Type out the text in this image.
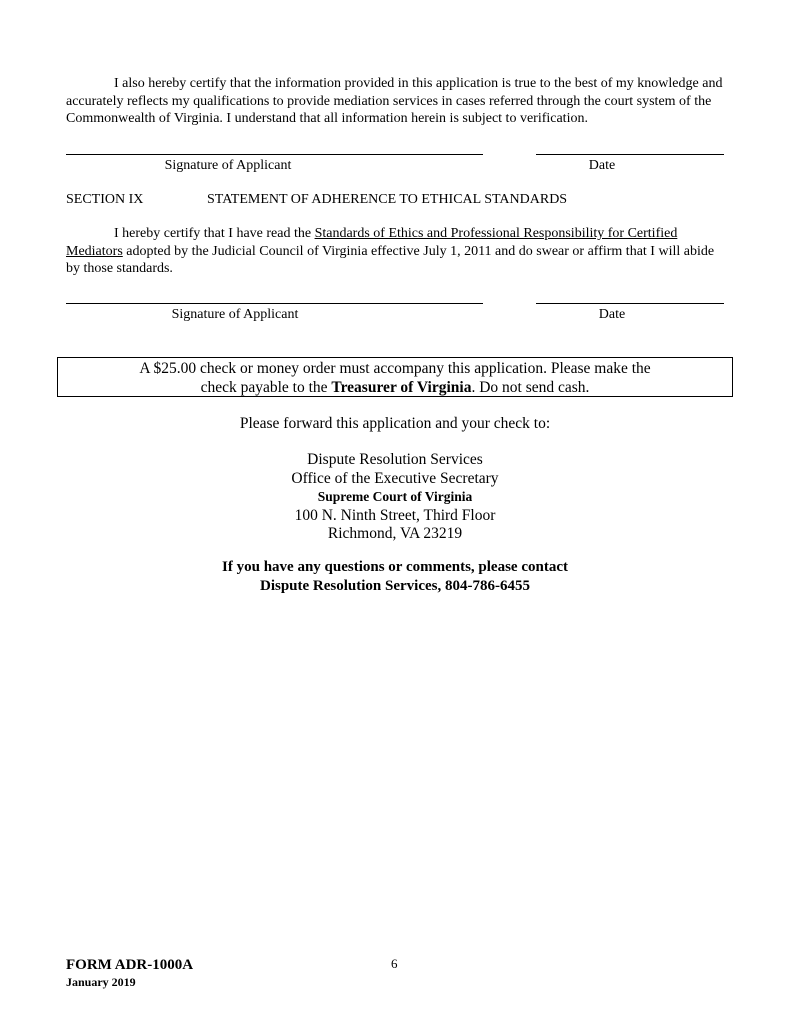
I also hereby certify that the information provided in this application is true to the best of my knowledge and accurately reflects my qualifications to provide mediation services in cases referred through the court system of the Commonwealth of Virginia. I understand that all information herein is subject to verification.
Signature of Applicant	Date
SECTION IX	STATEMENT OF ADHERENCE TO ETHICAL STANDARDS
I hereby certify that I have read the Standards of Ethics and Professional Responsibility for Certified Mediators adopted by the Judicial Council of Virginia effective July 1, 2011 and do swear or affirm that I will abide by those standards.
Signature of Applicant	Date
A $25.00 check or money order must accompany this application. Please make the
check payable to the Treasurer of Virginia. Do not send cash.
Please forward this application and your check to:
Dispute Resolution Services
Office of the Executive Secretary
Supreme Court of Virginia
100 N. Ninth Street, Third Floor
Richmond, VA 23219
If you have any questions or comments, please contact
Dispute Resolution Services, 804-786-6455
FORM ADR-1000A
January 2019
6
